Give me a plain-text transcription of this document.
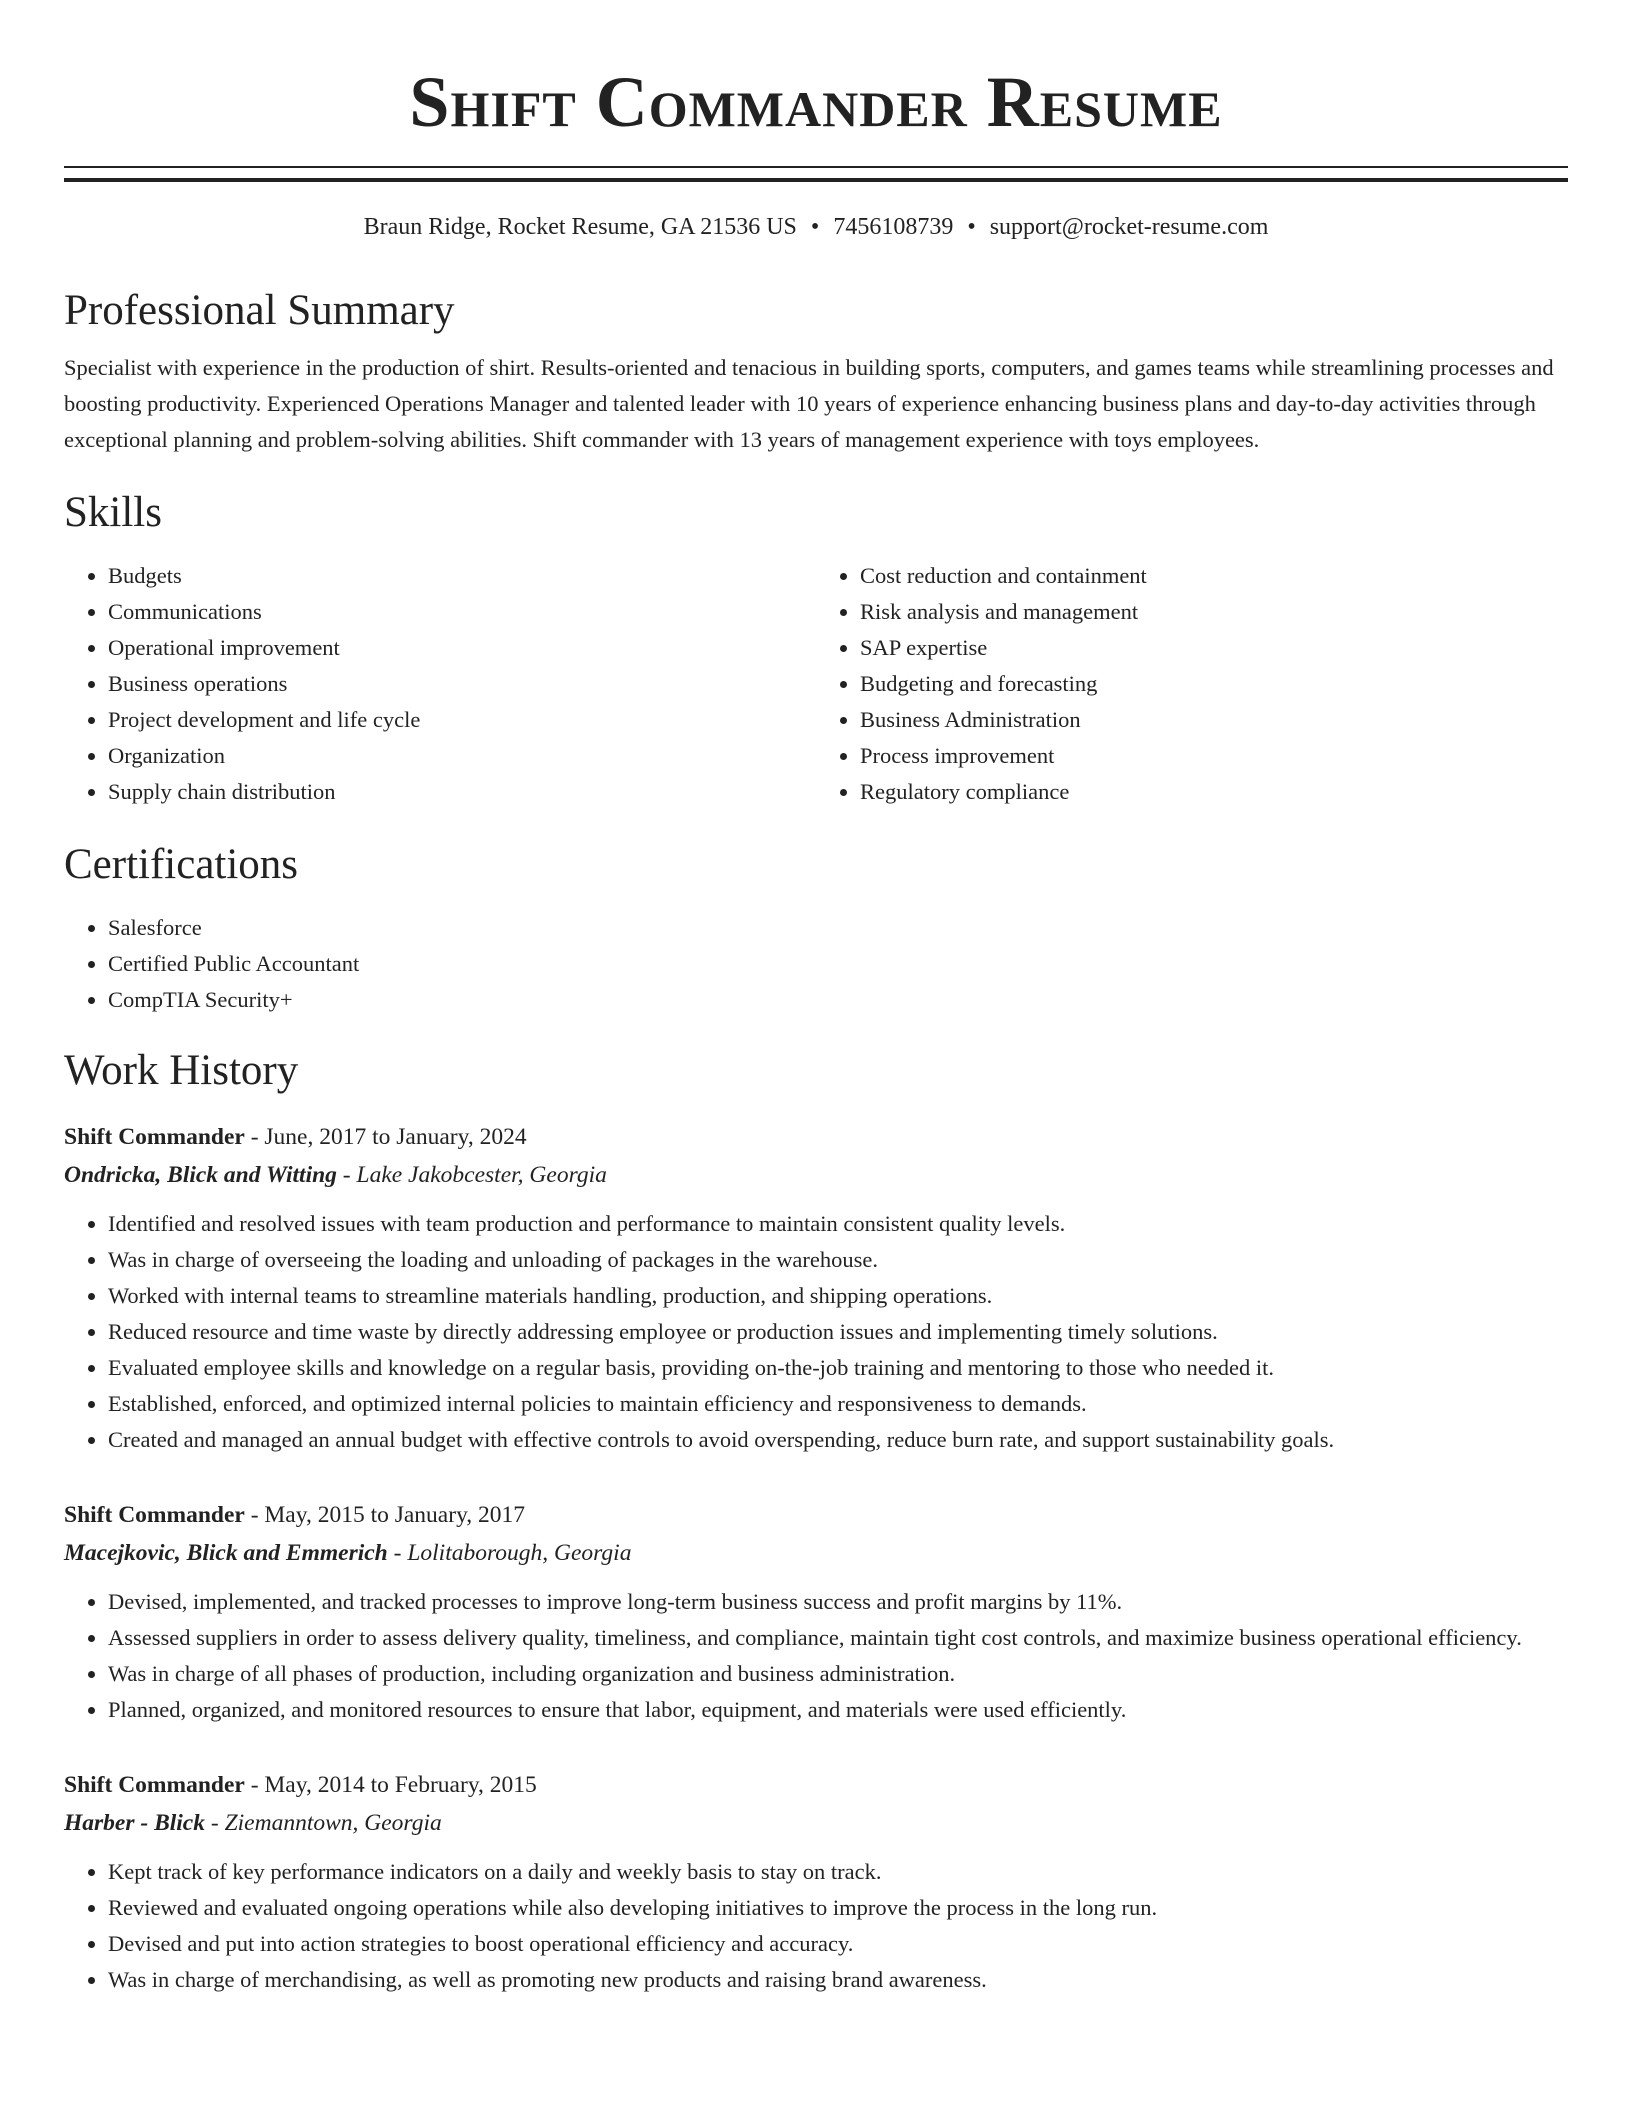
Shift Commander Resume
Braun Ridge, Rocket Resume, GA 21536 US • 7456108739 • support@rocket-resume.com
Professional Summary

Specialist with experience in the production of shirt. Results-oriented and tenacious in building sports, computers, and games teams while streamlining processes and boosting productivity. Experienced Operations Manager and talented leader with 10 years of experience enhancing business plans and day-to-day activities through exceptional planning and problem-solving abilities. Shift commander with 13 years of management experience with toys employees.

Skills
• Budgets
• Communications
• Operational improvement
• Business operations
• Project development and life cycle
• Organization
• Supply chain distribution
• Cost reduction and containment
• Risk analysis and management
• SAP expertise
• Budgeting and forecasting
• Business Administration
• Process improvement
• Regulatory compliance
Certifications
• Salesforce
• Certified Public Accountant
• CompTIA Security+
Work History
Shift Commander - June, 2017 to January, 2024
Ondricka, Blick and Witting - Lake Jakobcester, Georgia
• Identified and resolved issues with team production and performance to maintain consistent quality levels.
• Was in charge of overseeing the loading and unloading of packages in the warehouse.
• Worked with internal teams to streamline materials handling, production, and shipping operations.
• Reduced resource and time waste by directly addressing employee or production issues and implementing timely solutions.
• Evaluated employee skills and knowledge on a regular basis, providing on-the-job training and mentoring to those who needed it.
• Established, enforced, and optimized internal policies to maintain efficiency and responsiveness to demands.
• Created and managed an annual budget with effective controls to avoid overspending, reduce burn rate, and support sustainability goals.
Shift Commander - May, 2015 to January, 2017
Macejkovic, Blick and Emmerich - Lolitaborough, Georgia
• Devised, implemented, and tracked processes to improve long-term business success and profit margins by 11%.
• Assessed suppliers in order to assess delivery quality, timeliness, and compliance, maintain tight cost controls, and maximize business operational efficiency.
• Was in charge of all phases of production, including organization and business administration.
• Planned, organized, and monitored resources to ensure that labor, equipment, and materials were used efficiently.
Shift Commander - May, 2014 to February, 2015
Harber - Blick - Ziemanntown, Georgia
• Kept track of key performance indicators on a daily and weekly basis to stay on track.
• Reviewed and evaluated ongoing operations while also developing initiatives to improve the process in the long run.
• Devised and put into action strategies to boost operational efficiency and accuracy.
• Was in charge of merchandising, as well as promoting new products and raising brand awareness.
